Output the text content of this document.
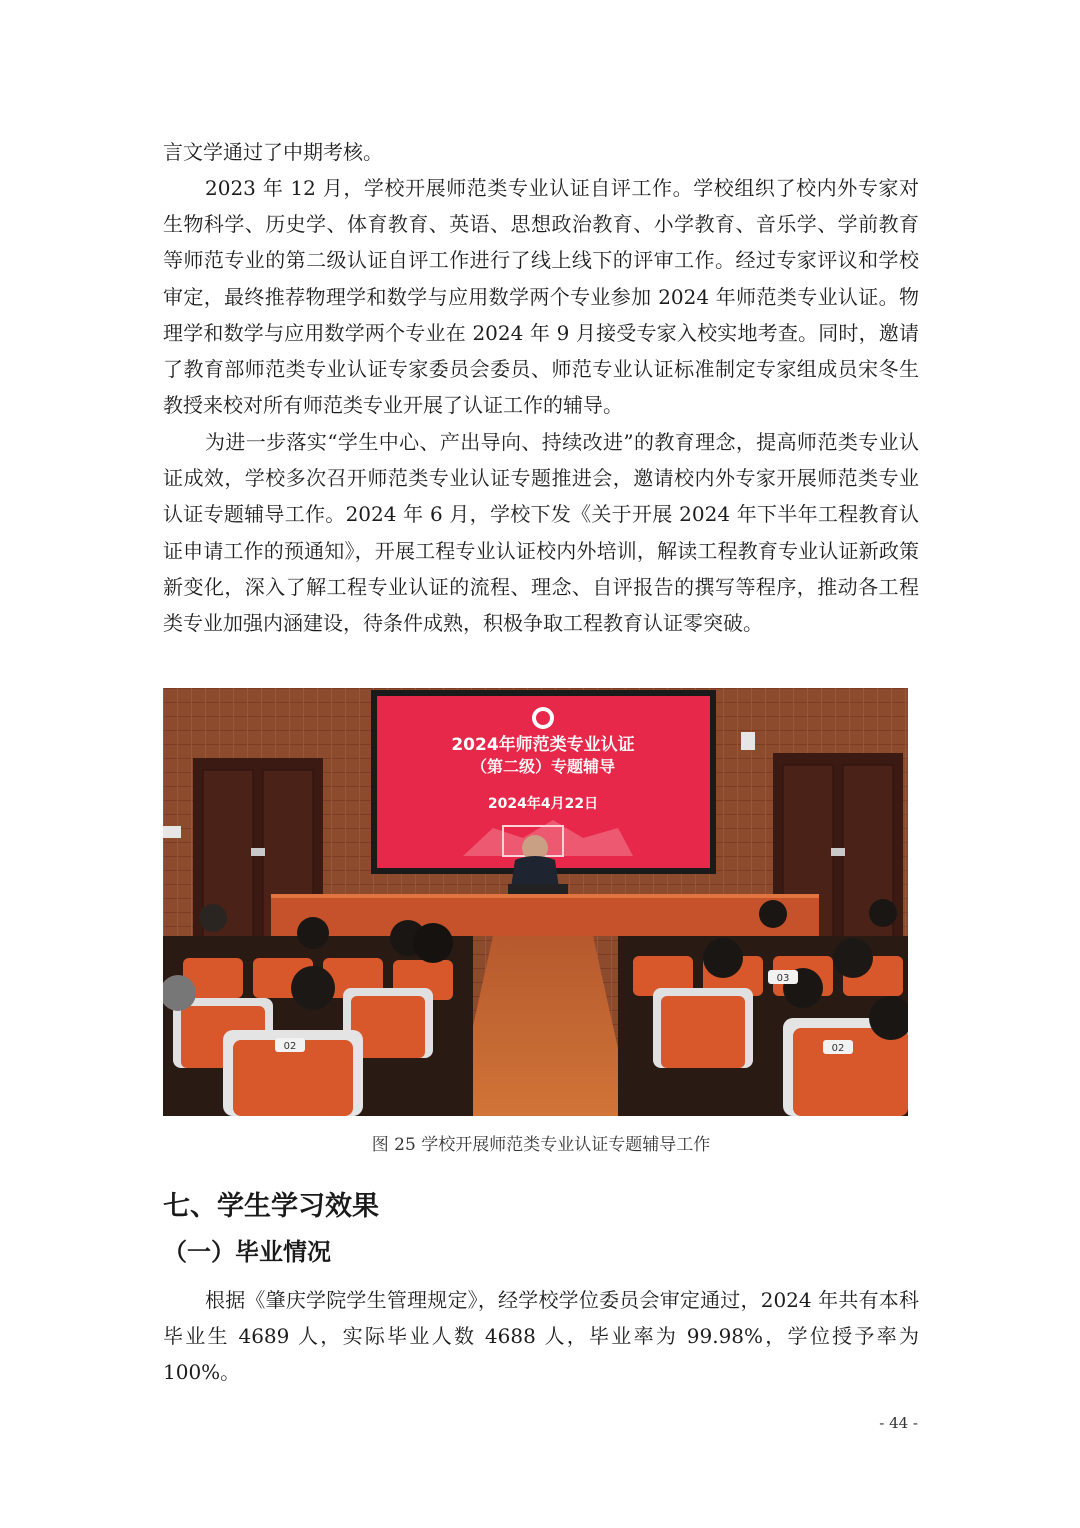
言文学通过了中期考核。

2023 年 12 月，学校开展师范类专业认证自评工作。学校组织了校内外专家对生物科学、历史学、体育教育、英语、思想政治教育、小学教育、音乐学、学前教育等师范专业的第二级认证自评工作进行了线上线下的评审工作。经过专家评议和学校审定，最终推荐物理学和数学与应用数学两个专业参加 2024 年师范类专业认证。物理学和数学与应用数学两个专业在 2024 年 9 月接受专家入校实地考查。同时，邀请了教育部师范类专业认证专家委员会委员、师范专业认证标准制定专家组成员宋冬生教授来校对所有师范类专业开展了认证工作的辅导。

为进一步落实“学生中心、产出导向、持续改进”的教育理念，提高师范类专业认证成效，学校多次召开师范类专业认证专题推进会，邀请校内外专家开展师范类专业认证专题辅导工作。2024 年 6 月，学校下发《关于开展 2024 年下半年工程教育认证申请工作的预通知》，开展工程专业认证校内外培训，解读工程教育专业认证新政策新变化，深入了解工程专业认证的流程、理念、自评报告的撰写等程序，推动各工程类专业加强内涵建设，待条件成熟，积极争取工程教育认证零突破。

2024年师范类专业认证
（第二级）专题辅导
2024年4月22日
02	02
03
图 25 学校开展师范类专业认证专题辅导工作
七、学生学习效果
（一）毕业情况

根据《肇庆学院学生管理规定》，经学校学位委员会审定通过，2024 年共有本科毕业生 4689 人，实际毕业人数 4688 人，毕业率为 99.98%，学位授予率为 100%。

- 44 -
